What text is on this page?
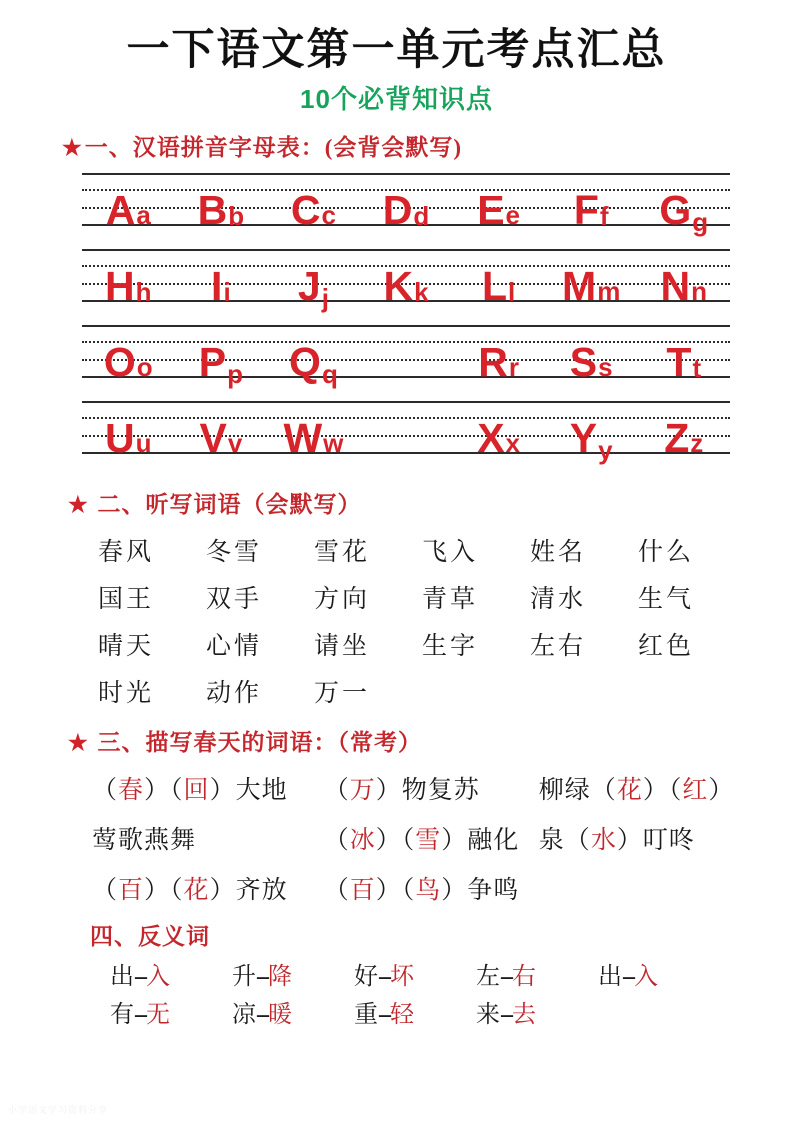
一下语文第一单元考点汇总
10个必背知识点
★一、汉语拼音字母表：(会背会默写)
A a B b C c D d E e F f G g
H h I i J j K k L l M m N n
O o P p Q q	R r S s T t
U u V v W w	X x Y y Z z
★ 二、听写词语（会默写）
春风	冬雪	雪花	飞入	姓名	什么
国王	双手	方向	青草	清水	生气
晴天	心情	请坐	生字	左右	红色
时光	动作	万一
★ 三、描写春天的词语：（常考）
（春）（回）大地	（万）物复苏	柳绿（花）（红）
莺歌燕舞	（冰）（雪）融化 泉（水）叮咚
（百）（花）齐放	（百）（鸟）争鸣
四、反义词
出--入	升--降	好--坏	左--右	出--入
有--无	凉--暖	重--轻	来--去
小学语文学习资料分享
